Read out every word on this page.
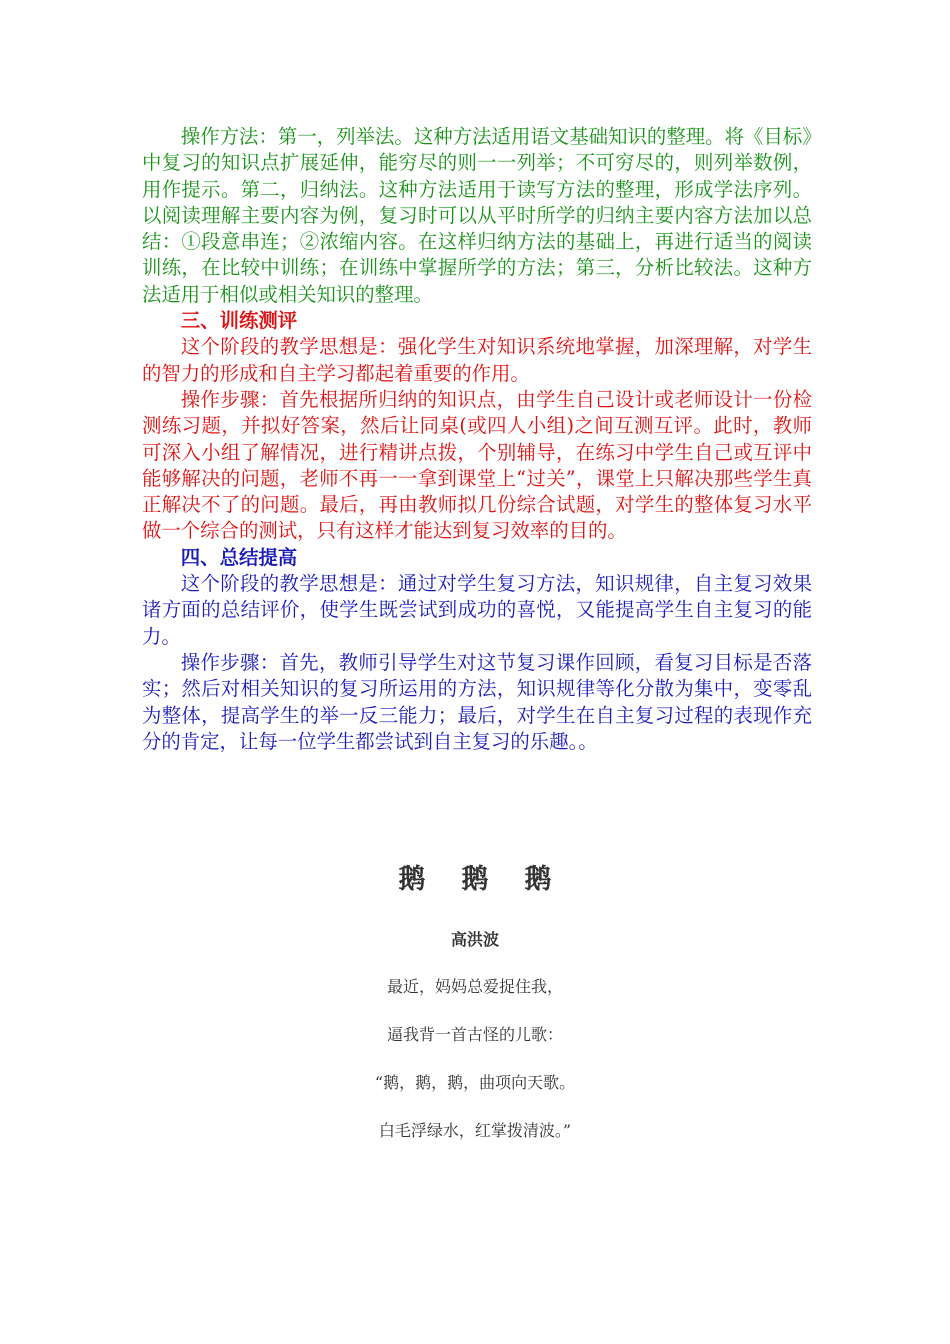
操作方法：第一，列举法。这种方法适用语文基础知识的整理。将《目标》中复习的知识点扩展延伸，能穷尽的则一一列举；不可穷尽的，则列举数例，用作提示。第二，归纳法。这种方法适用于读写方法的整理，形成学法序列。以阅读理解主要内容为例，复习时可以从平时所学的归纳主要内容方法加以总结：①段意串连；②浓缩内容。在这样归纳方法的基础上，再进行适当的阅读训练，在比较中训练；在训练中掌握所学的方法；第三，分析比较法。这种方法适用于相似或相关知识的整理。

三、训练测评

这个阶段的教学思想是：强化学生对知识系统地掌握，加深理解，对学生的智力的形成和自主学习都起着重要的作用。

操作步骤：首先根据所归纳的知识点，由学生自己设计或老师设计一份检测练习题，并拟好答案，然后让同桌(或四人小组)之间互测互评。此时，教师可深入小组了解情况，进行精讲点拨，个别辅导，在练习中学生自己或互评中能够解决的问题，老师不再一一拿到课堂上“过关”，课堂上只解决那些学生真正解决不了的问题。最后，再由教师拟几份综合试题，对学生的整体复习水平做一个综合的测试，只有这样才能达到复习效率的目的。

四、总结提高

这个阶段的教学思想是：通过对学生复习方法，知识规律，自主复习效果诸方面的总结评价，使学生既尝试到成功的喜悦，又能提高学生自主复习的能力。

操作步骤：首先，教师引导学生对这节复习课作回顾，看复习目标是否落实；然后对相关知识的复习所运用的方法，知识规律等化分散为集中，变零乱为整体，提高学生的举一反三能力；最后，对学生在自主复习过程的表现作充分的肯定，让每一位学生都尝试到自主复习的乐趣。。

鹅 鹅 鹅

高洪波

最近，妈妈总爱捉住我，

逼我背一首古怪的儿歌：

“鹅，鹅，鹅，曲项向天歌。

白毛浮绿水，红掌拨清波。”
